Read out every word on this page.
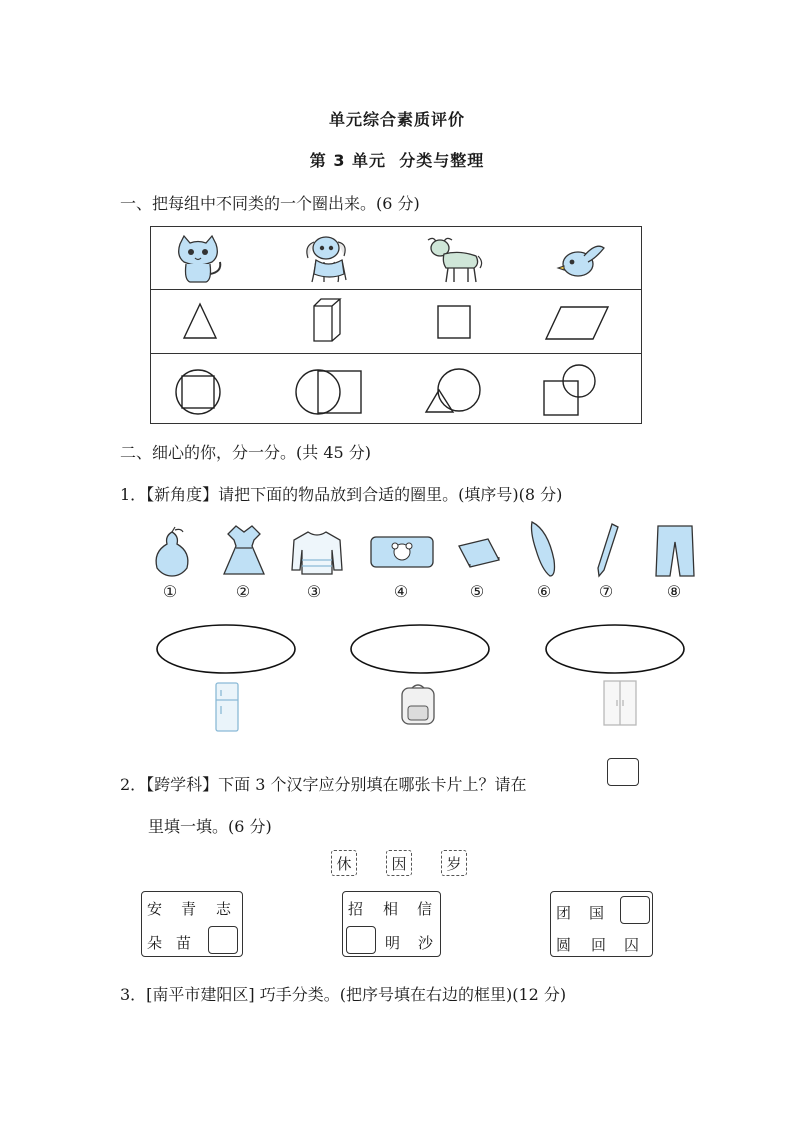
单元综合素质评价
第 3 单元  分类与整理
一、把每组中不同类的一个圈出来。(6 分)
二、细心的你，分一分。(共 45 分)
1．【新角度】请把下面的物品放到合适的圈里。(填序号)(8 分)
①	②	③	④	⑤	⑥	⑦	⑧
2．【跨学科】下面 3 个汉字应分别填在哪张卡片上？请在
里填一填。(6 分)
休	因	岁
安 青 志
朵 苗
招 相 信
明 沙
团 国
圆 回 囚
3．[南平市建阳区] 巧手分类。(把序号填在右边的框里)(12 分)
